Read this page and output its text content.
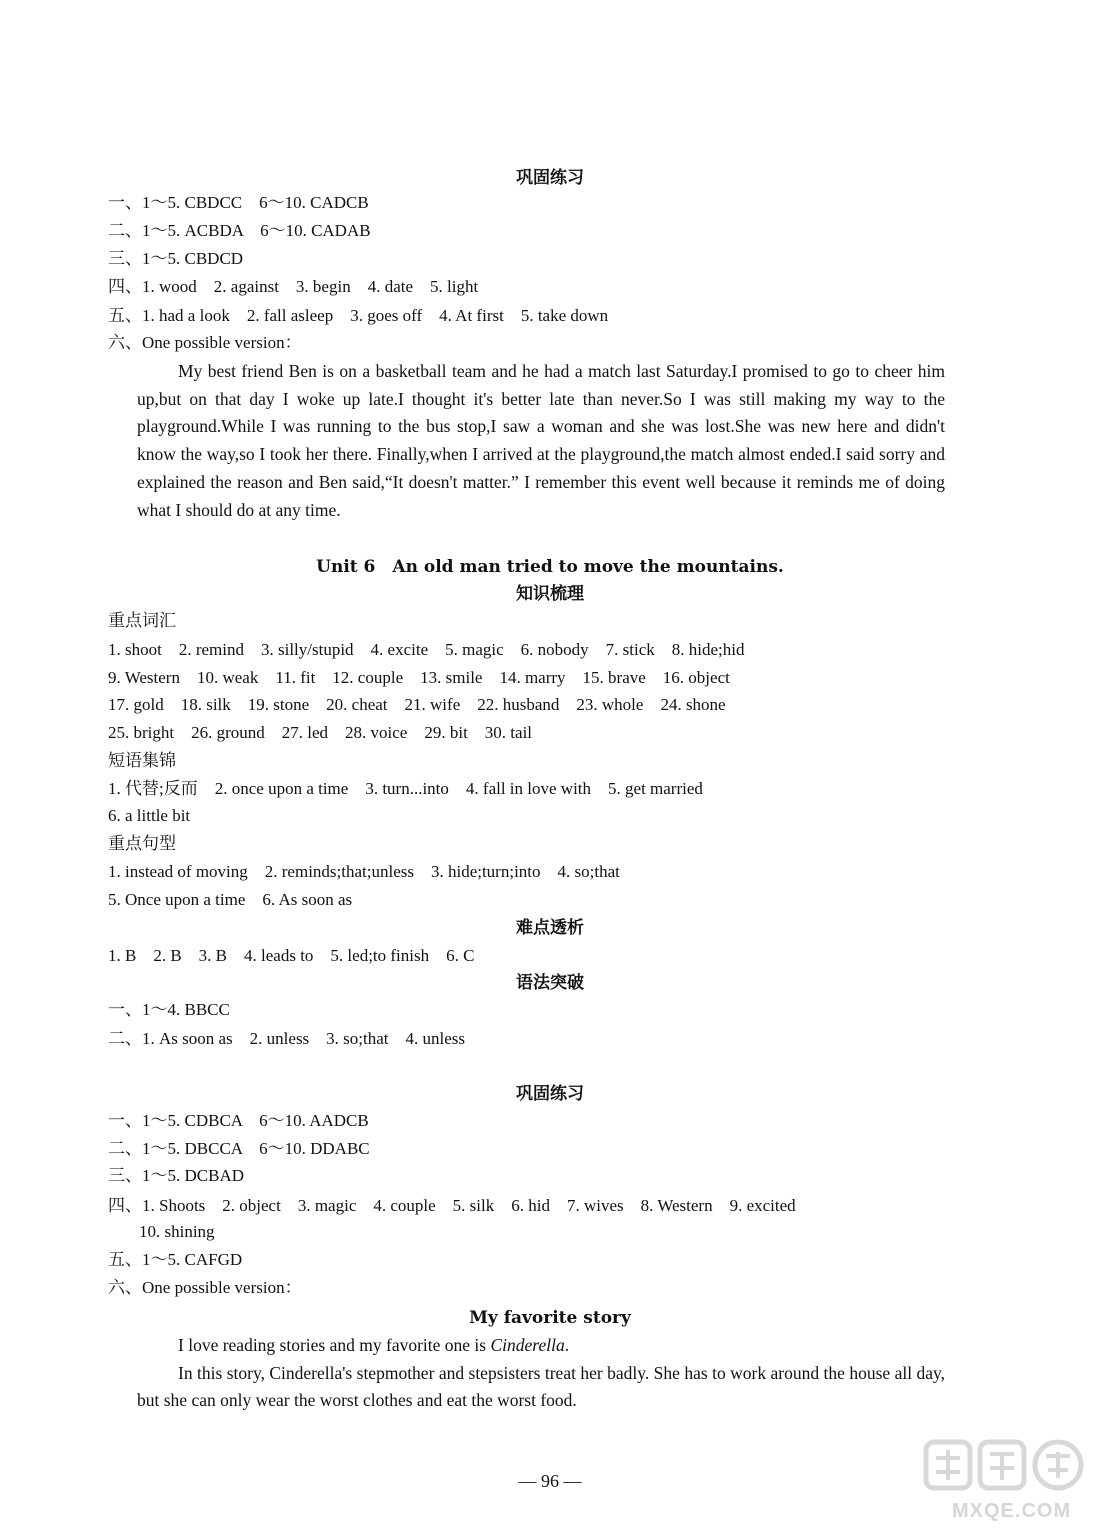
巩固练习
一、1～5. CBDCC　6～10. CADCB
二、1～5. ACBDA　6～10. CADAB
三、1～5. CBDCD
四、1. wood　2. against　3. begin　4. date　5. light
五、1. had a look　2. fall asleep　3. goes off　4. At first　5. take down
六、One possible version：
My best friend Ben is on a basketball team and he had a match last Saturday.I promised to go to cheer him up,but on that day I woke up late.I thought it's better late than never.So I was still making my way to the playground.While I was running to the bus stop,I saw a woman and she was lost.She was new here and didn't know the way,so I took her there. Finally,when I arrived at the playground,the match almost ended.I said sorry and explained the reason and Ben said,“It doesn't matter.” I remember this event well because it reminds me of doing what I should do at any time.
Unit 6　An old man tried to move the mountains.
知识梳理
重点词汇
1. shoot　2. remind　3. silly/stupid　4. excite　5. magic　6. nobody　7. stick　8. hide;hid
9. Western　10. weak　11. fit　12. couple　13. smile　14. marry　15. brave　16. object
17. gold　18. silk　19. stone　20. cheat　21. wife　22. husband　23. whole　24. shone
25. bright　26. ground　27. led　28. voice　29. bit　30. tail
短语集锦
1. 代替;反而　2. once upon a time　3. turn...into　4. fall in love with　5. get married
6. a little bit
重点句型
1. instead of moving　2. reminds;that;unless　3. hide;turn;into　4. so;that
5. Once upon a time　6. As soon as
难点透析
1. B　2. B　3. B　4. leads to　5. led;to finish　6. C
语法突破
一、1～4. BBCC
二、1. As soon as　2. unless　3. so;that　4. unless
巩固练习
一、1～5. CDBCA　6～10. AADCB
二、1～5. DBCCA　6～10. DDABC
三、1～5. DCBAD
四、1. Shoots　2. object　3. magic　4. couple　5. silk　6. hid　7. wives　8. Western　9. excited
10. shining
五、1～5. CAFGD
六、One possible version：
My favorite story
I love reading stories and my favorite one is Cinderella.
In this story, Cinderella's stepmother and stepsisters treat her badly. She has to work around the house all day, but she can only wear the worst clothes and eat the worst food.
— 96 —
MXQE.COM
